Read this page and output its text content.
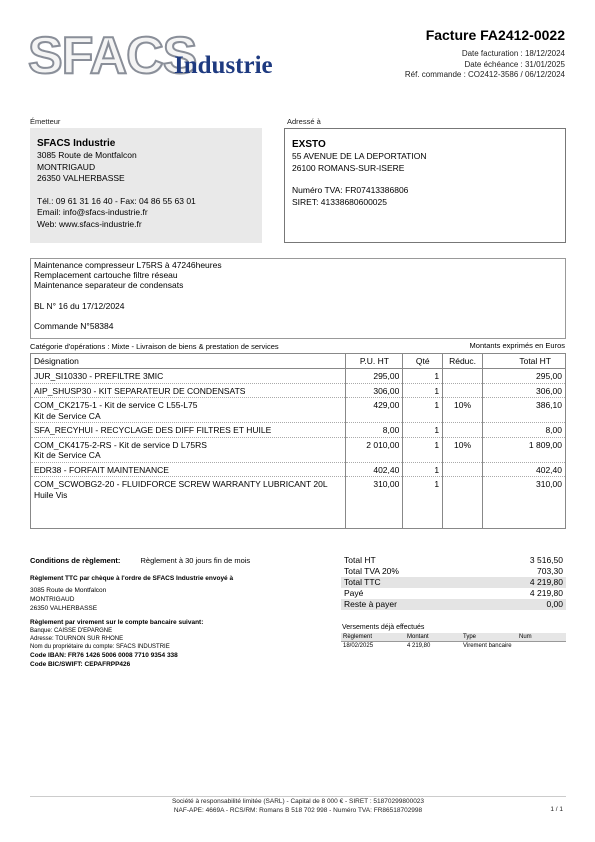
SFACS
Industrie
Facture FA2412-0022
Date facturation : 18/12/2024
Date échéance : 31/01/2025
Réf. commande : CO2412-3586 / 06/12/2024
Émetteur
SFACS Industrie
3085 Route de Montfalcon
MONTRIGAUD
26350 VALHERBASSE
Tél.: 09 61 31 16 40 - Fax: 04 86 55 63 01
Email: info@sfacs-industrie.fr
Web: www.sfacs-industrie.fr
Adressé à
EXSTO
55 AVENUE DE LA DEPORTATION
26100 ROMANS-SUR-ISERE
Numéro TVA: FR07413386806
SIRET: 41338680600025
Maintenance compresseur L75RS à 47246heures
Remplacement cartouche filtre réseau
Maintenance separateur de condensats
BL N° 16 du 17/12/2024
Commande N°58384
Catégorie d'opérations : Mixte - Livraison de biens & prestation de services	Montants exprimés en Euros
Désignation	P.U. HT	Qté	Réduc.	Total HT

JUR_SI10330 - PREFILTRE 3MIC	295,00	1		295,00

AIP_SHUSP30 - KIT SEPARATEUR DE CONDENSATS	306,00	1		306,00

COM_CK2175-1 - Kit de service C L55-L75
Kit de Service CA	429,00	1	10%	386,10

SFA_RECYHUI - RECYCLAGE DES DIFF FILTRES ET HUILE	8,00	1		8,00

COM_CK4175-2-RS - Kit de service D L75RS
Kit de Service CA	2 010,00	1	10%	1 809,00

EDR38 - FORFAIT MAINTENANCE	402,40	1		402,40

COM_SCWOBG2-20 - FLUIDFORCE SCREW WARRANTY LUBRICANT 20L
Huile Vis	310,00	1		310,00
Conditions de règlement:	Règlement à 30 jours fin de mois
Règlement TTC par chèque à l'ordre de SFACS Industrie envoyé à
3085 Route de Montfalcon
MONTRIGAUD
26350 VALHERBASSE
Règlement par virement sur le compte bancaire suivant:
Banque: CAISSE D'EPARGNE
Adresse: TOURNON SUR RHONE
Nom du propriétaire du compte: SFACS INDUSTRIE
Code IBAN: FR76 1426 5006 0008 7710 9354 338
Code BIC/SWIFT: CEPAFRPP426
Total HT	3 516,50
Total TVA 20%	703,30
Total TTC	4 219,80
Payé	4 219,80
Reste à payer	0,00
Versements déjà effectués
Règlement	Montant	Type	Num
18/02/2025	4 219,80	Virement bancaire	
Société à responsabilité limitée (SARL) - Capital de 8 000 € - SIRET : 51870299800023
NAF-APE: 4669A - RCS/RM: Romans B 518 702 998 - Numéro TVA: FR86518702998	1 / 1
